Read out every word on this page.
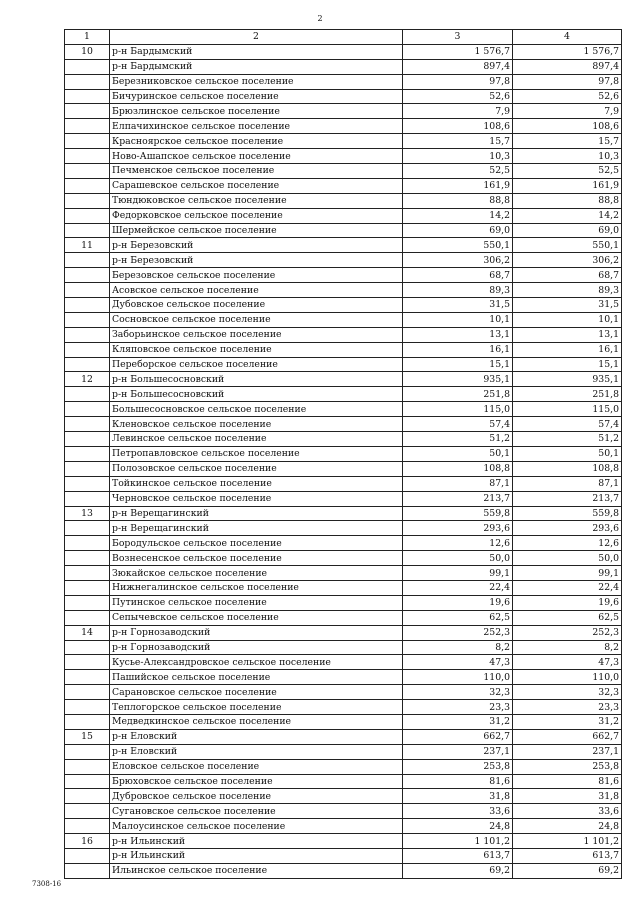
2
1	2	3	4
10	р-н Бардымский	1 576,7	1 576,7
	р-н Бардымский	897,4	897,4
	Березниковское сельское поселение	97,8	97,8
	Бичуринское сельское поселение	52,6	52,6
	Брюзлинское сельское поселение	7,9	7,9
	Елпачихинское сельское поселение	108,6	108,6
	Красноярское сельское поселение	15,7	15,7
	Ново-Ашапское сельское поселение	10,3	10,3
	Печменское сельское поселение	52,5	52,5
	Сарашевское сельское поселение	161,9	161,9
	Тюндюковское сельское поселение	88,8	88,8
	Федорковское сельское поселение	14,2	14,2
	Шермейское сельское поселение	69,0	69,0
11	р-н Березовский	550,1	550,1
	р-н Березовский	306,2	306,2
	Березовское сельское поселение	68,7	68,7
	Асовское сельское поселение	89,3	89,3
	Дубовское сельское поселение	31,5	31,5
	Сосновское сельское поселение	10,1	10,1
	Заборьинское сельское поселение	13,1	13,1
	Кляповское сельское поселение	16,1	16,1
	Переборское сельское поселение	15,1	15,1
12	р-н Большесосновский	935,1	935,1
	р-н Большесосновский	251,8	251,8
	Большесосновское сельское поселение	115,0	115,0
	Кленовское сельское поселение	57,4	57,4
	Левинское сельское поселение	51,2	51,2
	Петропавловское сельское поселение	50,1	50,1
	Полозовское сельское поселение	108,8	108,8
	Тойкинское сельское поселение	87,1	87,1
	Черновское сельское поселение	213,7	213,7
13	р-н Верещагинский	559,8	559,8
	р-н Верещагинский	293,6	293,6
	Бородульское сельское поселение	12,6	12,6
	Вознесенское сельское поселение	50,0	50,0
	Зюкайское сельское поселение	99,1	99,1
	Нижнегалинское сельское поселение	22,4	22,4
	Путинское сельское поселение	19,6	19,6
	Сепычевское сельское поселение	62,5	62,5
14	р-н Горнозаводский	252,3	252,3
	р-н Горнозаводский	8,2	8,2
	Кусье-Александровское сельское поселение	47,3	47,3
	Пашийское сельское поселение	110,0	110,0
	Сарановское сельское поселение	32,3	32,3
	Теплогорское сельское поселение	23,3	23,3
	Медведкинское сельское поселение	31,2	31,2
15	р-н Еловский	662,7	662,7
	р-н Еловский	237,1	237,1
	Еловское сельское поселение	253,8	253,8
	Брюховское сельское поселение	81,6	81,6
	Дубровское сельское поселение	31,8	31,8
	Сугановское сельское поселение	33,6	33,6
	Малоусинское сельское поселение	24,8	24,8
16	р-н Ильинский	1 101,2	1 101,2
	р-н Ильинский	613,7	613,7
	Ильинское сельское поселение	69,2	69,2
7308-16
